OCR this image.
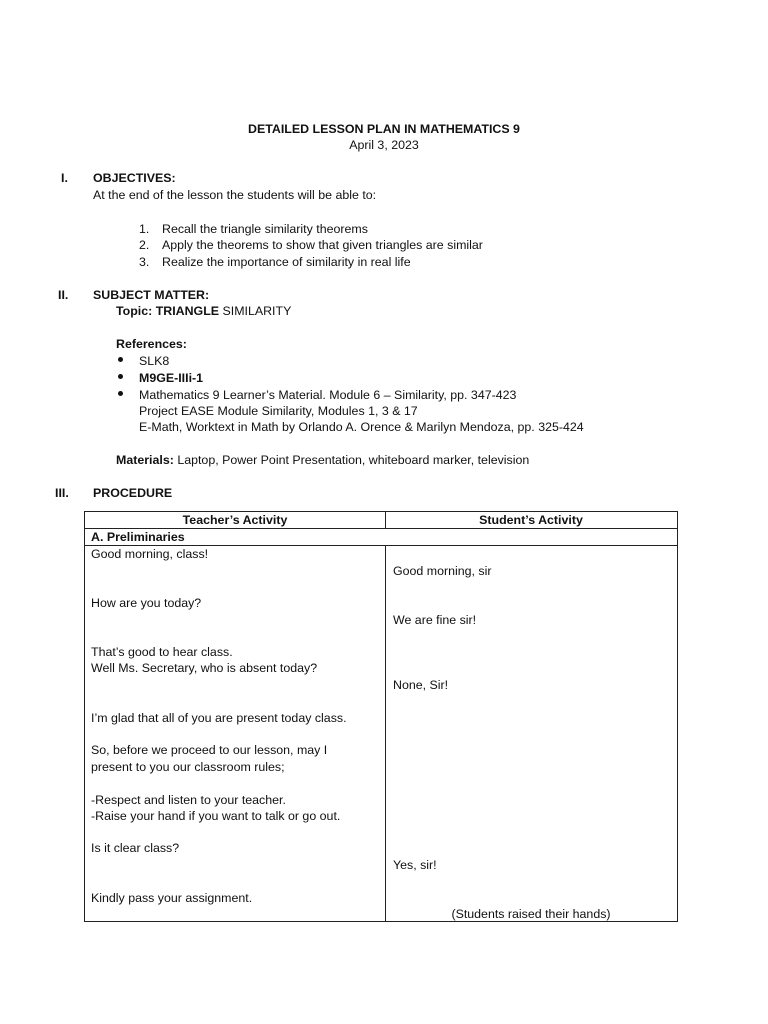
DETAILED LESSON PLAN IN MATHEMATICS 9
April 3, 2023
I. OBJECTIVES:
At the end of the lesson the students will be able to:
1. Recall the triangle similarity theorems
2. Apply the theorems to show that given triangles are similar
3. Realize the importance of similarity in real life
II. SUBJECT MATTER:
Topic: TRIANGLE SIMILARITY
References:
SLK8
M9GE-IIIi-1
Mathematics 9 Learner’s Material. Module 6 – Similarity, pp. 347-423
Project EASE Module Similarity, Modules 1, 3 & 17
E-Math, Worktext in Math by Orlando A. Orence & Marilyn Mendoza, pp. 325-424
Materials: Laptop, Power Point Presentation, whiteboard marker, television
III. PROCEDURE
Teacher’s Activity	Student’s Activity
A. Preliminaries
Good morning, class!
How are you today?
That’s good to hear class.
Well Ms. Secretary, who is absent today?
I’m glad that all of you are present today class.
So, before we proceed to our lesson, may I
present to you our classroom rules;
-Respect and listen to your teacher.
-Raise your hand if you want to talk or go out.
Is it clear class?
Kindly pass your assignment.
Good morning, sir
We are fine sir!
None, Sir!
Yes, sir!
(Students raised their hands)
